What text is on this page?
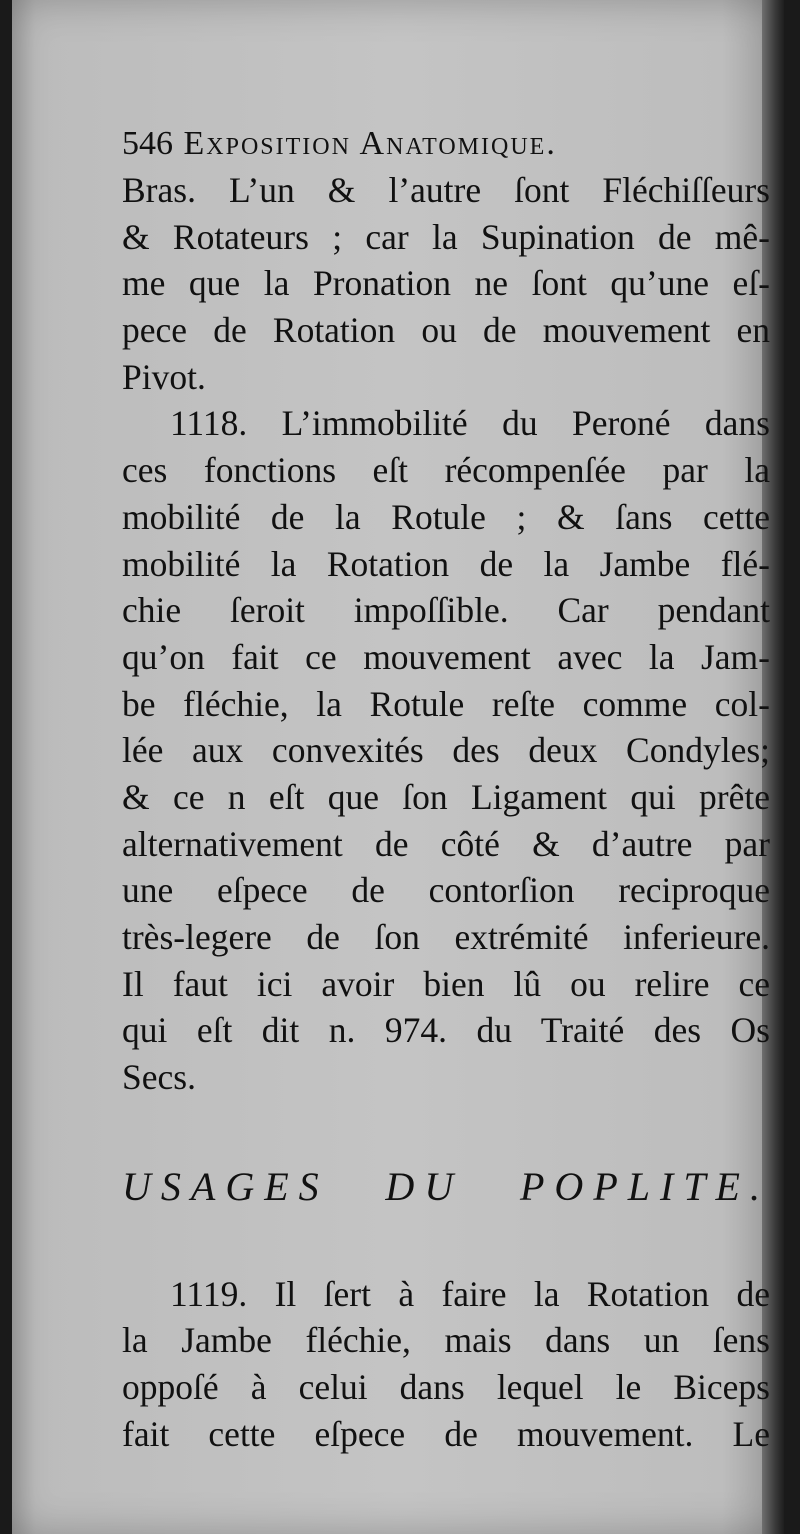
546 Exposition Anatomique.
Bras. L’un & l’autre ſont Fléchiſſeurs
& Rotateurs ; car la Supination de mê-
me que la Pronation ne ſont qu’une eſ-
pece de Rotation ou de mouvement en
Pivot.
1118. L’immobilité du Peroné dans
ces fonctions eſt récompenſée par la
mobilité de la Rotule ; & ſans cette
mobilité la Rotation de la Jambe flé-
chie ſeroit impoſſible. Car pendant
qu’on fait ce mouvement avec la Jam-
be fléchie, la Rotule reſte comme col-
lée aux convexités des deux Condyles;
& ce n eſt que ſon Ligament qui prête
alternativement de côté & d’autre par
une eſpece de contorſion reciproque
très-legere de ſon extrémité inferieure.
Il faut ici avoir bien lû ou relire ce
qui eſt dit n. 974. du Traité des Os
Secs.
USAGES DU POPLITE.
1119. Il ſert à faire la Rotation de
la Jambe fléchie, mais dans un ſens
oppoſé à celui dans lequel le Biceps
fait cette eſpece de mouvement. Le
